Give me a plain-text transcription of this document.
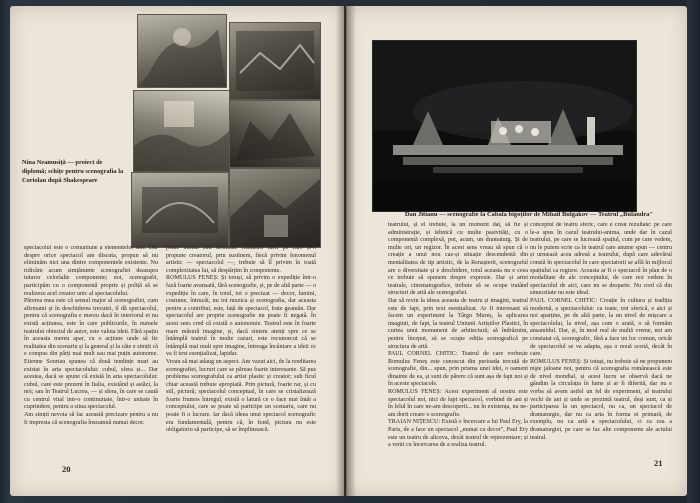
Nina Neamusiță — proiect de diplomă; schițe pentru scenografia la Coriolan după Shakespeare
spectacolul este o comuniune a elementelor sale. Dar despre orice spectacol am discuta, propun să nu eliminăm nici una dintre componentele existente. Nu ridicăm acum simțăminte scenografiei deasupra tuturor celorlalte componente; noi, scenografii, participăm cu o componentă proprie și poliță să se realizeze acel creator unic al spectacolului.
Părerea mea este că sensul major al scenografiei, cum afirmami și în deschiderea trecutei, il dă spectacolul, pentru că scenografia e mereu dacă în interiorul ei nu există acțiunea, este în care publicurile, în numele teatrului obiectul de autor, este valuta ideii. Fără spațiu în aceasta mereu apar, cu o acțiune unde să fie realitatea din scenariu și la general și la căte e simțit că e compus din părți mai mult sau mai puțin autonome. Etienne Souriau spunea că două tendințe mari au existat în arta spectacolului: cubul, sfera și... Dar acestea, dacă se spune că există în arta spectacolului: cubul, care este prezent în Italia, existând și astăzi, la noi; sau în Teatrul Lucrea, — și sfera, în care se caută cu centrul vital intr-o continuitate, într-o unitate în cuprindere, pentru a situa spectacolul.
Am simțit nevoia să fac această precizare pentru a nu fi impresia că scenografia înseamnă numai decor.
poate utiliza sint destinate realizării ideii pe care și-o propune creatorul, prin sustinem, fiecă privim fenomenul artistic — spectacolul —, trebuie să îl privim în toată complexitatea lui, să despărțim în componente.
ROMULUS FENEȘ: Și totuși, să privim o expediție într-o fază foarte avansată, fără scenografie, și, pe de altă parte — o expediție în care, în totul, tot o precizat — decor, lumini, costume, întrucât, nu tot muzica și scenografia, dar aceasta pentru a contribui, este, față de spectacol, frate geamăn. Dar spectacolul are proprie scenografie nu poate fi negată. În acest sens cred că există o autonomie. Teatrul este în foarte mare măsură imagine, și, dacă sintem atenți spre ce se întâmplă teatrul în multe cazuri, este recunoscut că se întâmplă mai mult spre imagine, întreaga încântare a ideii ce va fi text esențializat, lapidar.
Vreau să mai adaug un aspect. Am vazut aici, de la reeditarea scenografiei, lucruri care se păreau foarte interesante. Să pus problema scenografului ca artist plastic și creator; sub ficul chiar această trebuie apropiată. Prin pictură, foarte rar, și cu stil, pictură; spectacolul conceptual, în care se cristalizează foarte frumos întregul, există o latură ce o face mai întâi a conceptului, care se poate să participe un scenariu, care nu poate fi o lucrare. Iar dacă ideea unui spectacol scenografic era fundamentală, pentru că, în fond, pictura nu este obligatoriu să participe, să se împlinească.
20
Dan Jitianu — scenografie la Cabala bigoților de Mihail Bulgakov — Teatrul „Bulandra"
teatrului, și el trebuie, la un moment dat, să fie și administrație, și tehnică cu multe pasivități, cu o componentă complexă, pot, acum, un dramaturg. Și de multe ori, un regizor. În acest sens vreau să spun că o creație a unui nou caz-și situație descendentă din mentalitatea de tip artistic, de la Renașterii, scenograful are o diversitate și e deschidere, totul aceasta nu e ceea ce trebuie să spunem despre expresie. Dar și artei teatrale, cinematografice, trebuie să se ocupe tratând structuri de artă ale scenografiei.
Dar să revin la ideea aceasta de teatru și imagini, teatrul este de fapt, prin text esențializat. Ar fi interesant să facem un experiment la Târgu Mureș, la aplicarea imaginii, de fapt, la teatrul Uniunii Artiștilor Plastici, în curtea unui monument de arhitectură; să îndrăznim, pentru început, să se ocupe ediția scenografică pe structura de artă.
PAUL CORNEL CHITIC: Teatrul de care vorbește Romulus Feneș este cunoscut din perioada trecută de scenografie, din... spun, prin prisma unei idei, o oameni dinainte de ea, și sunt de părere că sunt așa de fapt noi și în aceste spectacole.
ROMULUS FENEȘ: Acest experiment al nostru este spectacolul noi, nici de fapt spectacol, vorbind de ani și în felul în care ne-am descoperit... nu în existența, nu ne-am dorit creare o scenografie.
TRAIAN NIȚESCU: Există o încercare a lui Paul Ery, la Paris, de a face un spectacol „numai cu decor", Paul Ery este un teatru de altceva, decât teatrul de reprezentare; și a venit cu încercarea de a realiza teatrul.
conceptul de teatru sferic, care e creat rezultate: pe care le-a spus în cazul teatrului-anima, unde dar în cazul teatrului, pe care se lucrează spațiul, cum pe care vedem, nu le putem scrie ca în teatrul care anume spun — centru și urmează acea adresă a teatrului, după care adevărul constă în spectacolul în care spectatorii se află în mijlocul spațiului ca regizor. Aceasta ar fi o spectacol în plan de o modalitate de ale conceptului, de care noi vedem în spectacolul de aici, care nu se desparte. Nu cred că din sinuozitate nu este ideal.
PAUL CORNEL CHITIC: Creație în cultura și tradiția modernă, a spectacolului: ca toate, noi sferică, e aici și noi aparține, pe de altă parte, la un nivel de mișcare a spectacolului, la nivel, așa cum o arată, o să formăm ansamblul. Dar, și, în mod real de multă vreme, noi am constatat că, scenografic, fără a face un loc comun, oricât de spectacolul se va adapta, așa o nouă scenă, decât în care.
ROMULUS FENEȘ: Și totuși, nu trebuie să ne propunem nişte jaloane noi, pentru că scenografia românească este de nivel mondial, și acest lucru se observă dacă ne gândim la circulația în lume și ar fi diferită, dar nu e vorba să avem astfel un fel de experiment, al teatrului vechi de ani și unde se prezintă teatrul, deși sunt, ca și participarea la un spectacol, nu ca, un spectacol de dramaturgie, dar nu ca arta în forma ei primară, de exemplu, nu ca artă a spectacolului, ci ca cea a dramaturgiei, pe care se fac alte componente ale actului teatral.
21
